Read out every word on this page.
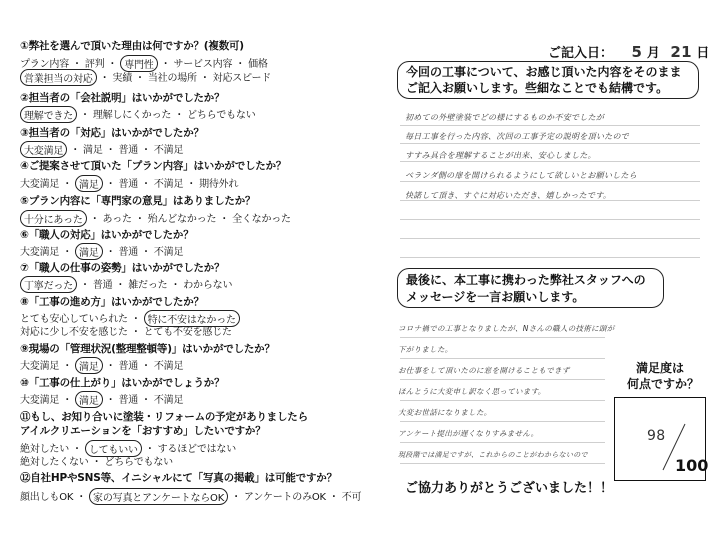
ご記入日： 5 月 21 日
①弊社を選んで頂いた理由は何ですか？(複数可)
プラン内容 ・ 評判 ・ 専門性 ・ サービス内容 ・ 価格
営業担当の対応 ・ 実績 ・ 当社の場所 ・ 対応スピード
②担当者の「会社説明」はいかがでしたか？
理解できた ・ 理解しにくかった ・ どちらでもない
③担当者の「対応」はいかがでしたか？
大変満足 ・ 満足 ・ 普通 ・ 不満足
④ご提案させて頂いた「プラン内容」はいかがでしたか？
大変満足 ・ 満足 ・ 普通 ・ 不満足 ・ 期待外れ
⑤プラン内容に「専門家の意見」はありましたか？
十分にあった ・ あった ・ 殆んどなかった ・ 全くなかった
⑥「職人の対応」はいかがでしたか？
大変満足 ・ 満足 ・ 普通 ・ 不満足
⑦「職人の仕事の姿勢」はいかがでしたか？
丁寧だった ・ 普通 ・ 雑だった ・ わからない
⑧「工事の進め方」はいかがでしたか？
とても安心していられた ・ 特に不安はなかった
対応に少し不安を感じた ・ とても不安を感じた
⑨現場の「管理状況(整理整頓等)」はいかがでしたか？
大変満足 ・ 満足 ・ 普通 ・ 不満足
⑩「工事の仕上がり」はいかがでしょうか？
大変満足 ・ 満足 ・ 普通 ・ 不満足
⑪もし、お知り合いに塗装・リフォームの予定がありましたら
アイルクリエーションを「おすすめ」したいですか？
絶対したい ・ してもいい ・ するほどではない
絶対したくない ・ どちらでもない
⑫自社HPやSNS等、イニシャルにて「写真の掲載」は可能ですか？
顔出しもOK ・ 家の写真とアンケートならOK ・ アンケートのみOK ・ 不可
今回の工事について、お感じ頂いた内容をそのまま
ご記入お願いします。些細なことでも結構です。
初めての外壁塗装でどの様にするものか不安でしたが
毎日工事を行った内容、次回の工事予定の説明を頂いたので
すすみ具合を理解することが出来、安心しました。
ベランダ側の扉を開けられるようにして欲しいとお願いしたら
快諾して頂き、すぐに対応いただき、嬉しかったです。
最後に、本工事に携わった弊社スタッフへの
メッセージを一言お願いします。
コロナ禍での工事となりましたが、Nさんの職人の技術に頭が
下がりました。
お仕事をして頂いたのに窓を開けることもできず
ほんとうに大変申し訳なく思っています。
大変お世話になりました。
アンケート提出が遅くなりすみません。
現段階では満足ですが、これからのことがわからないので
ご協力ありがとうございました！！
満足度は
何点ですか？
98
100
